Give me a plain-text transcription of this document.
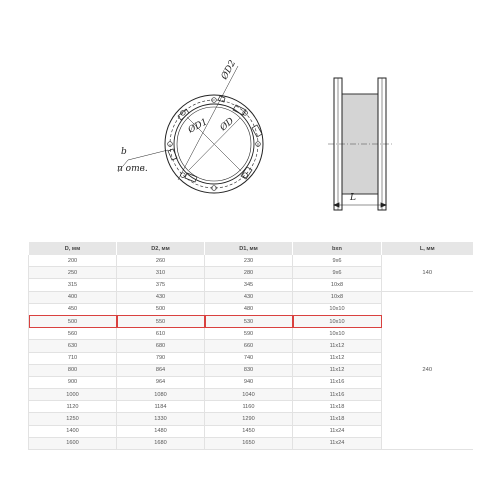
ØD2
ØD1 ØD
b
n отв.
L
D, мм	D2, мм	D1, мм	bxn	L, мм
200	260	230	9x6	140
250	310	280	9x6	
315	375	345	10x8	
400	430	430	10x8	240
450	500	480	10x10	
500	550	530	10x10	
560	610	590	10x10	
630	680	660	11x12	
710	790	740	11x12	
800	864	830	11x12	
900	964	940	11x16	
1000	1080	1040	11x16	
1120	1184	1160	11x18	
1250	1330	1290	11x18	
1400	1480	1450	11x24	
1600	1680	1650	11x24	
